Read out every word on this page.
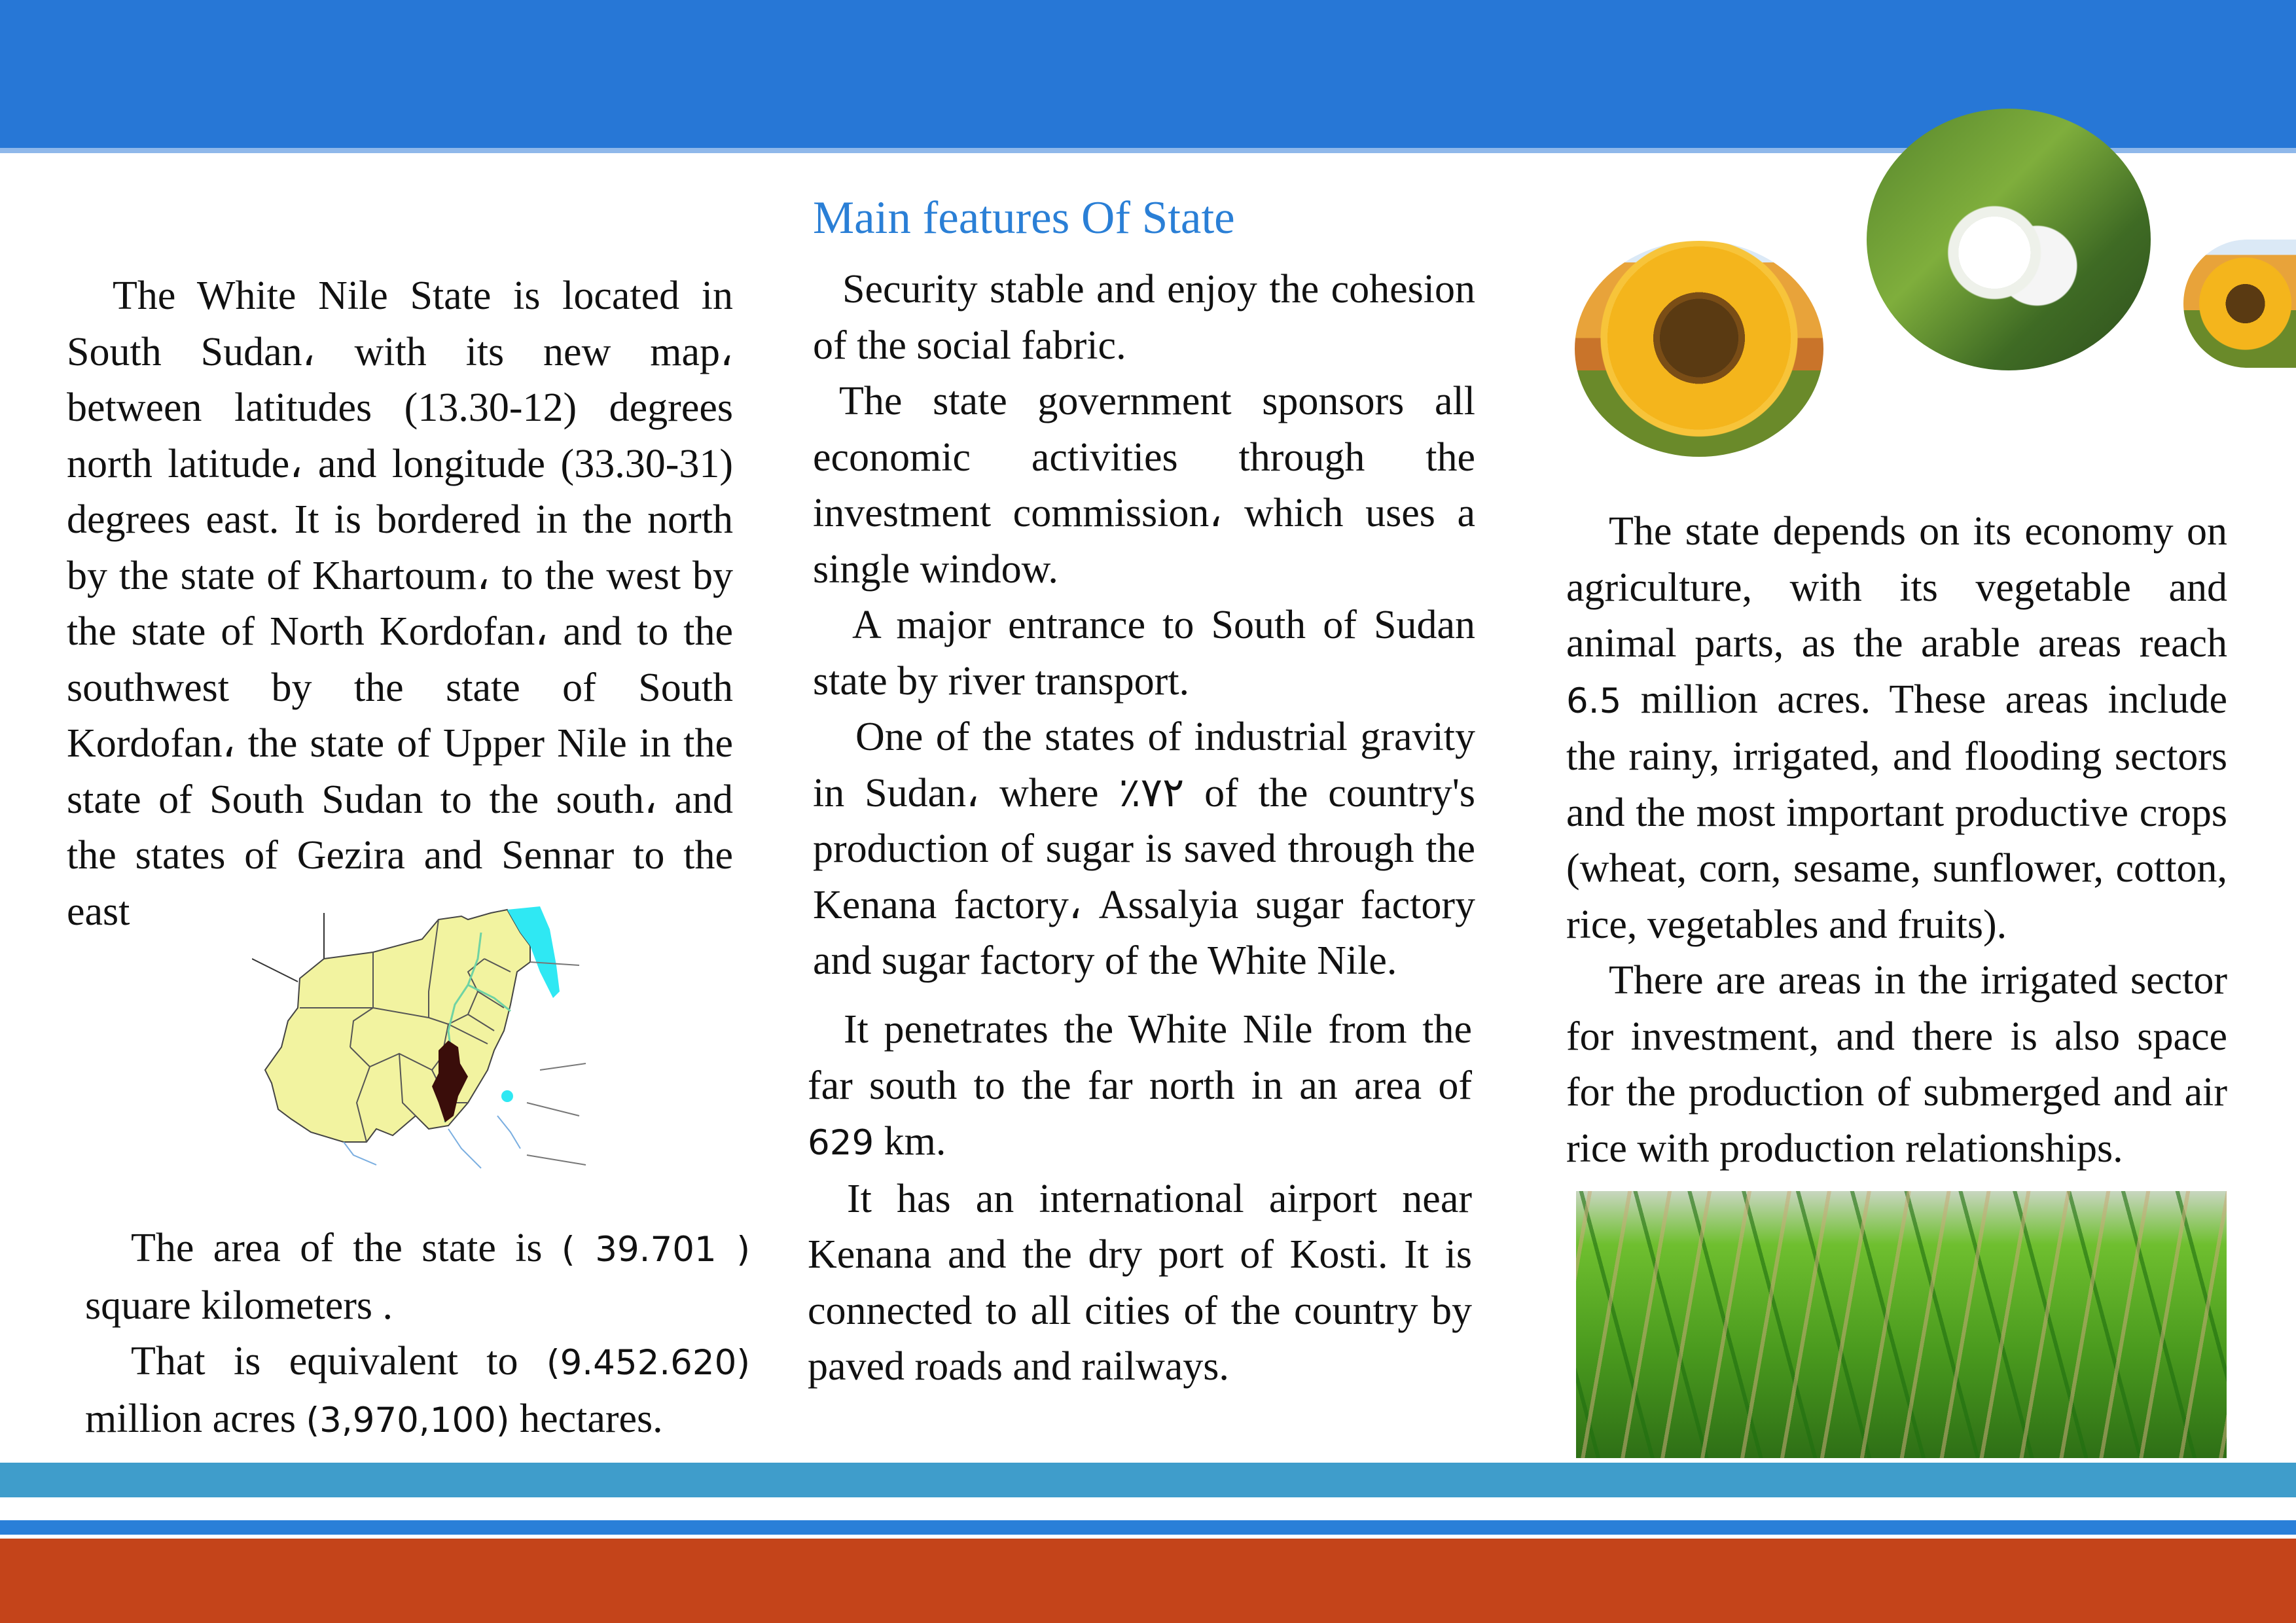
The White Nile State is located in South Sudan، with its new map، between latitudes (13.30-12) degrees north latitude، and longitude (33.30-31) degrees east. It is bordered in the north by the state of Khartoum، to the west by the state of North Kordofan، and to the southwest by the state of South Kordofan، the state of Upper Nile in the state of South Sudan to the south، and the states of Gezira and Sennar to the east

The area of the state is ( 39.701 ) square kilometers .

That is equivalent to (9.452.620) million acres (3,970,100) hectares.

Main features Of State

Security stable and enjoy the cohesion of the social fabric.

The state government sponsors all economic activities through the investment commission، which uses a single window.

A major entrance to South of Sudan state by river transport.

One of the states of industrial gravity in Sudan، where ٪٧٢ of the country's production of sugar is saved through the Kenana factory، Assalyia sugar factory and sugar factory of the White Nile.

It penetrates the White Nile from the far south to the far north in an area of 629 km.

It has an international airport near Kenana and the dry port of Kosti. It is connected to all cities of the country by paved roads and railways.

The state depends on its economy on agriculture, with its vegetable and animal parts, as the arable areas reach 6.5 million acres. These areas include the rainy, irrigated, and flooding sectors and the most important productive crops (wheat, corn, sesame, sunflower, cotton, rice, vegetables and fruits).

There are areas in the irrigated sector for investment, and there is also space for the production of submerged and air rice with production relationships.
